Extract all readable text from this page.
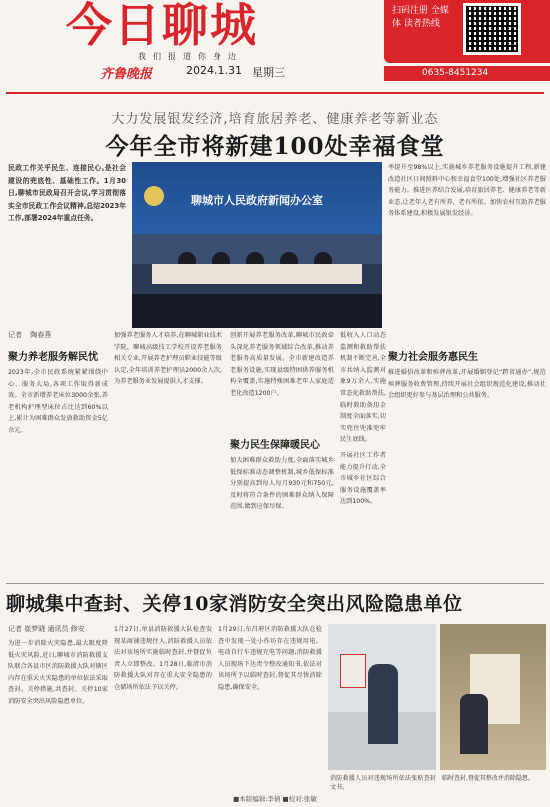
今日聊城
我们报道你身边
齐鲁晚报	2024.1.31 星期三
扫码注册 全媒体 读者热线
0635-8451234
大力发展银发经济,培育旅居养老、健康养老等新业态
今年全市将新建100处幸福食堂
民政工作关乎民生、连接民心,是社会建设的兜底性、基础性工作。1月30日,聊城市民政局召开会议,学习贯彻落实全市民政工作会议精神,总结2023年工作,部署2024年重点任务。
聊城市人民政府新闻办公室
率提升至98%以上,实施城乡养老服务设施提升工程,新建改造社区日间照料中心和幸福食堂100处,增强社区养老服务能力。推进医养结合发展,培育旅居养老、健康养老等新业态,让老年人老有所养、老有所依。加快农村互助养老服务体系建设,积极发展银发经济。
聚力社会服务惠民生
推进婚俗改革和殡葬改革,开展婚姻登记“跨省通办”,规范殡葬服务收费管理,持续开展社会组织规范化建设,推动社会组织更好参与基层治理和公共服务。
记者 陶春燕
聚力养老服务解民忧
2023年,全市民政系统紧紧围绕中心、服务大局,各项工作取得新成效。全市新增养老床位3000余张,养老机构护理型床位占比达到60%以上,累计为困难群众发放救助资金5亿余元。
加强养老服务人才培养,在聊城职业技术学院、聊城高级技工学校开设养老服务相关专业,开展养老护理员职业技能等级认定,全年培训养老护理员2000余人次,为养老服务业发展提供人才支撑。
创新开展养老服务改革,聊城市民政牵头深化养老服务领域综合改革,推动养老服务高质量发展。全市新建改造养老服务设施,实现县级特困供养服务机构全覆盖,实施特殊困难老年人家庭适老化改造1200户。
聚力民生保障暖民心
加大困难群众救助力度,全面落实城乡低保标准动态调整机制,城乡低保标准分别提高到每人每月930元和750元,及时将符合条件的困难群众纳入保障范围,做到应保尽保。
低收入人口动态监测和救助帮扶机制不断完善,全市共纳入监测对象9万余人,实施常态化救助帮扶,临时救助备用金制度全面落实,切实兜住兜准兜牢民生底线。
开展社区工作者能力提升行动,全市城乡社区综合服务设施覆盖率达到100%。
聊城集中查封、关停10家消防安全突出风险隐患单位
记者 崔梦晓 通讯员 修安
为进一步消除火灾隐患,最大限度降低火灾风险,近日,聊城市消防救援支队联合各县市区消防救援大队对辖区内存在重大火灾隐患的单位依法采取查封、关停措施,共查封、关停10家消防安全突出风险隐患单位。
1月27日,单县消防救援大队检查发现某商铺违规住人,消防救援人员依法对该场所实施临时查封,并督促负责人立即整改。1月28日,临清市消防救援大队对存在重大安全隐患的仓储场所依法予以关停。
1月29日,东昌府区消防救援大队在检查中发现一处小作坊存在违规用电、电动自行车违规充电等问题,消防救援人员现场下达责令整改通知书,依法对该场所予以临时查封,督促其尽快消除隐患,确保安全。
消防救援人员对违规场所依法张贴查封文书。
临时查封,督促其整改并消除隐患。
■本版编辑:李倩 ■校对:张敏
